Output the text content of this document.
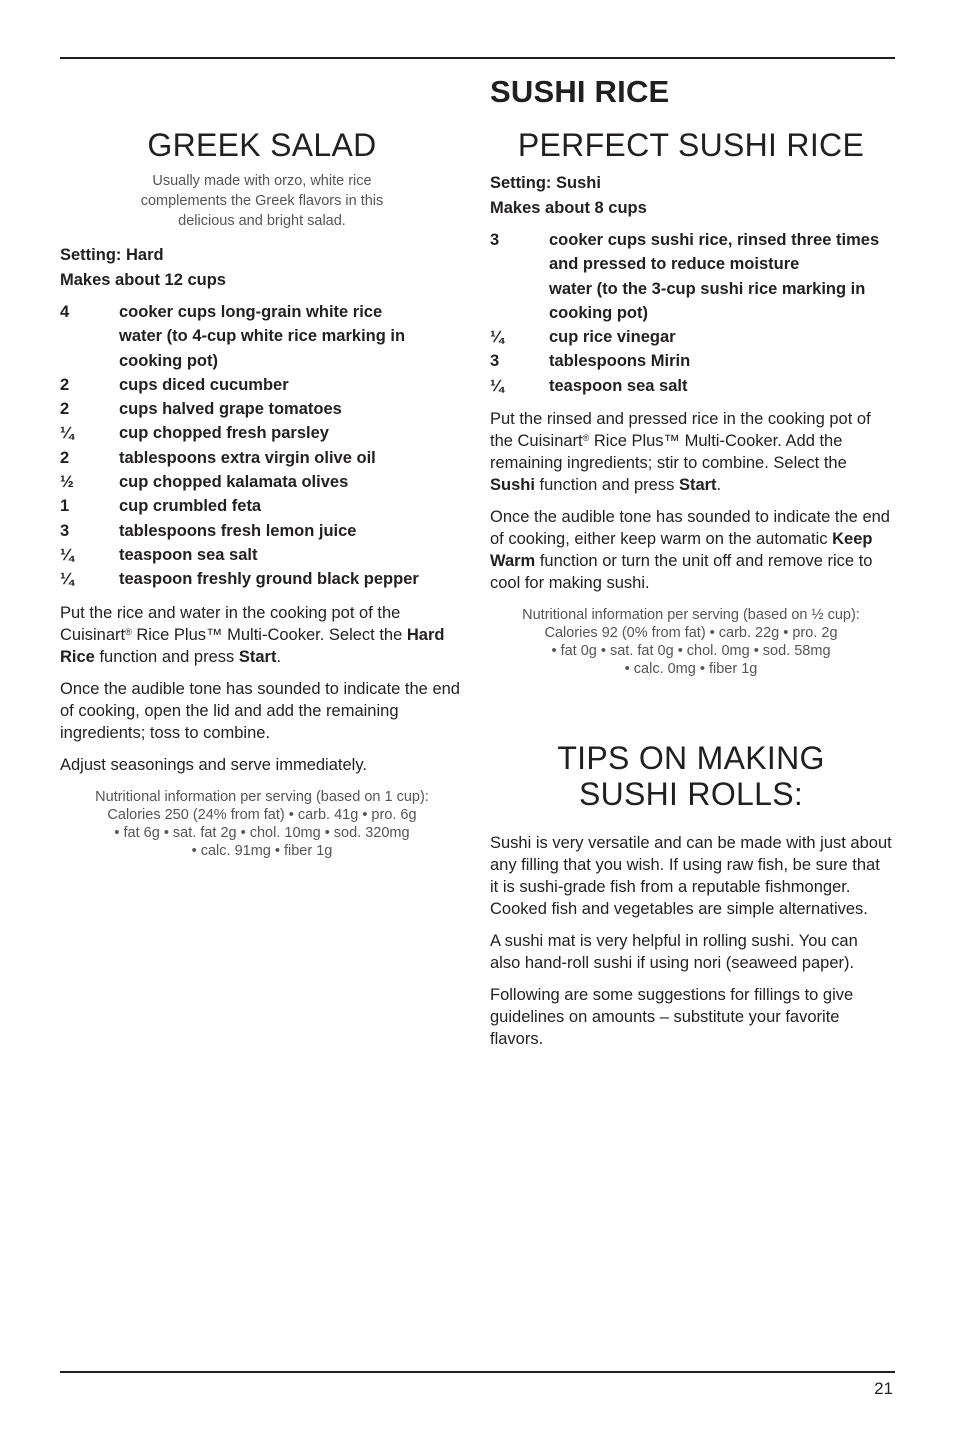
SUSHI RICE
GREEK SALAD

Usually made with orzo, white rice complements the Greek flavors in this delicious and bright salad.

Setting: Hard
Makes about 12 cups
4	cooker cups long-grain white rice
water (to 4-cup white rice marking in cooking pot)
2	cups diced cucumber
2	cups halved grape tomatoes
¼	cup chopped fresh parsley
2	tablespoons extra virgin olive oil
½	cup chopped kalamata olives
1	cup crumbled feta
3	tablespoons fresh lemon juice
¼	teaspoon sea salt
¼	teaspoon freshly ground black pepper

Put the rice and water in the cooking pot of the Cuisinart® Rice Plus™ Multi-Cooker. Select the Hard Rice function and press Start.

Once the audible tone has sounded to indicate the end of cooking, open the lid and add the remaining ingredients; toss to combine.

Adjust seasonings and serve immediately.

Nutritional information per serving (based on 1 cup):
Calories 250 (24% from fat) • carb. 41g • pro. 6g
• fat 6g • sat. fat 2g • chol. 10mg • sod. 320mg
• calc. 91mg • fiber 1g
PERFECT SUSHI RICE
Setting: Sushi
Makes about 8 cups
3	cooker cups sushi rice, rinsed three times and pressed to reduce moisture
water (to the 3-cup sushi rice marking in cooking pot)
¼	cup rice vinegar
3	tablespoons Mirin
¼	teaspoon sea salt

Put the rinsed and pressed rice in the cooking pot of the Cuisinart® Rice Plus™ Multi-Cooker. Add the remaining ingredients; stir to combine. Select the Sushi function and press Start.

Once the audible tone has sounded to indicate the end of cooking, either keep warm on the automatic Keep Warm function or turn the unit off and remove rice to cool for making sushi.

Nutritional information per serving (based on ½ cup):
Calories 92 (0% from fat) • carb. 22g • pro. 2g
• fat 0g • sat. fat 0g • chol. 0mg • sod. 58mg
• calc. 0mg • fiber 1g
TIPS ON MAKING
SUSHI ROLLS:

Sushi is very versatile and can be made with just about any filling that you wish. If using raw fish, be sure that it is sushi-grade fish from a reputable fishmonger. Cooked fish and vegetables are simple alternatives.

A sushi mat is very helpful in rolling sushi. You can also hand-roll sushi if using nori (seaweed paper).

Following are some suggestions for fillings to give guidelines on amounts – substitute your favorite flavors.

21
